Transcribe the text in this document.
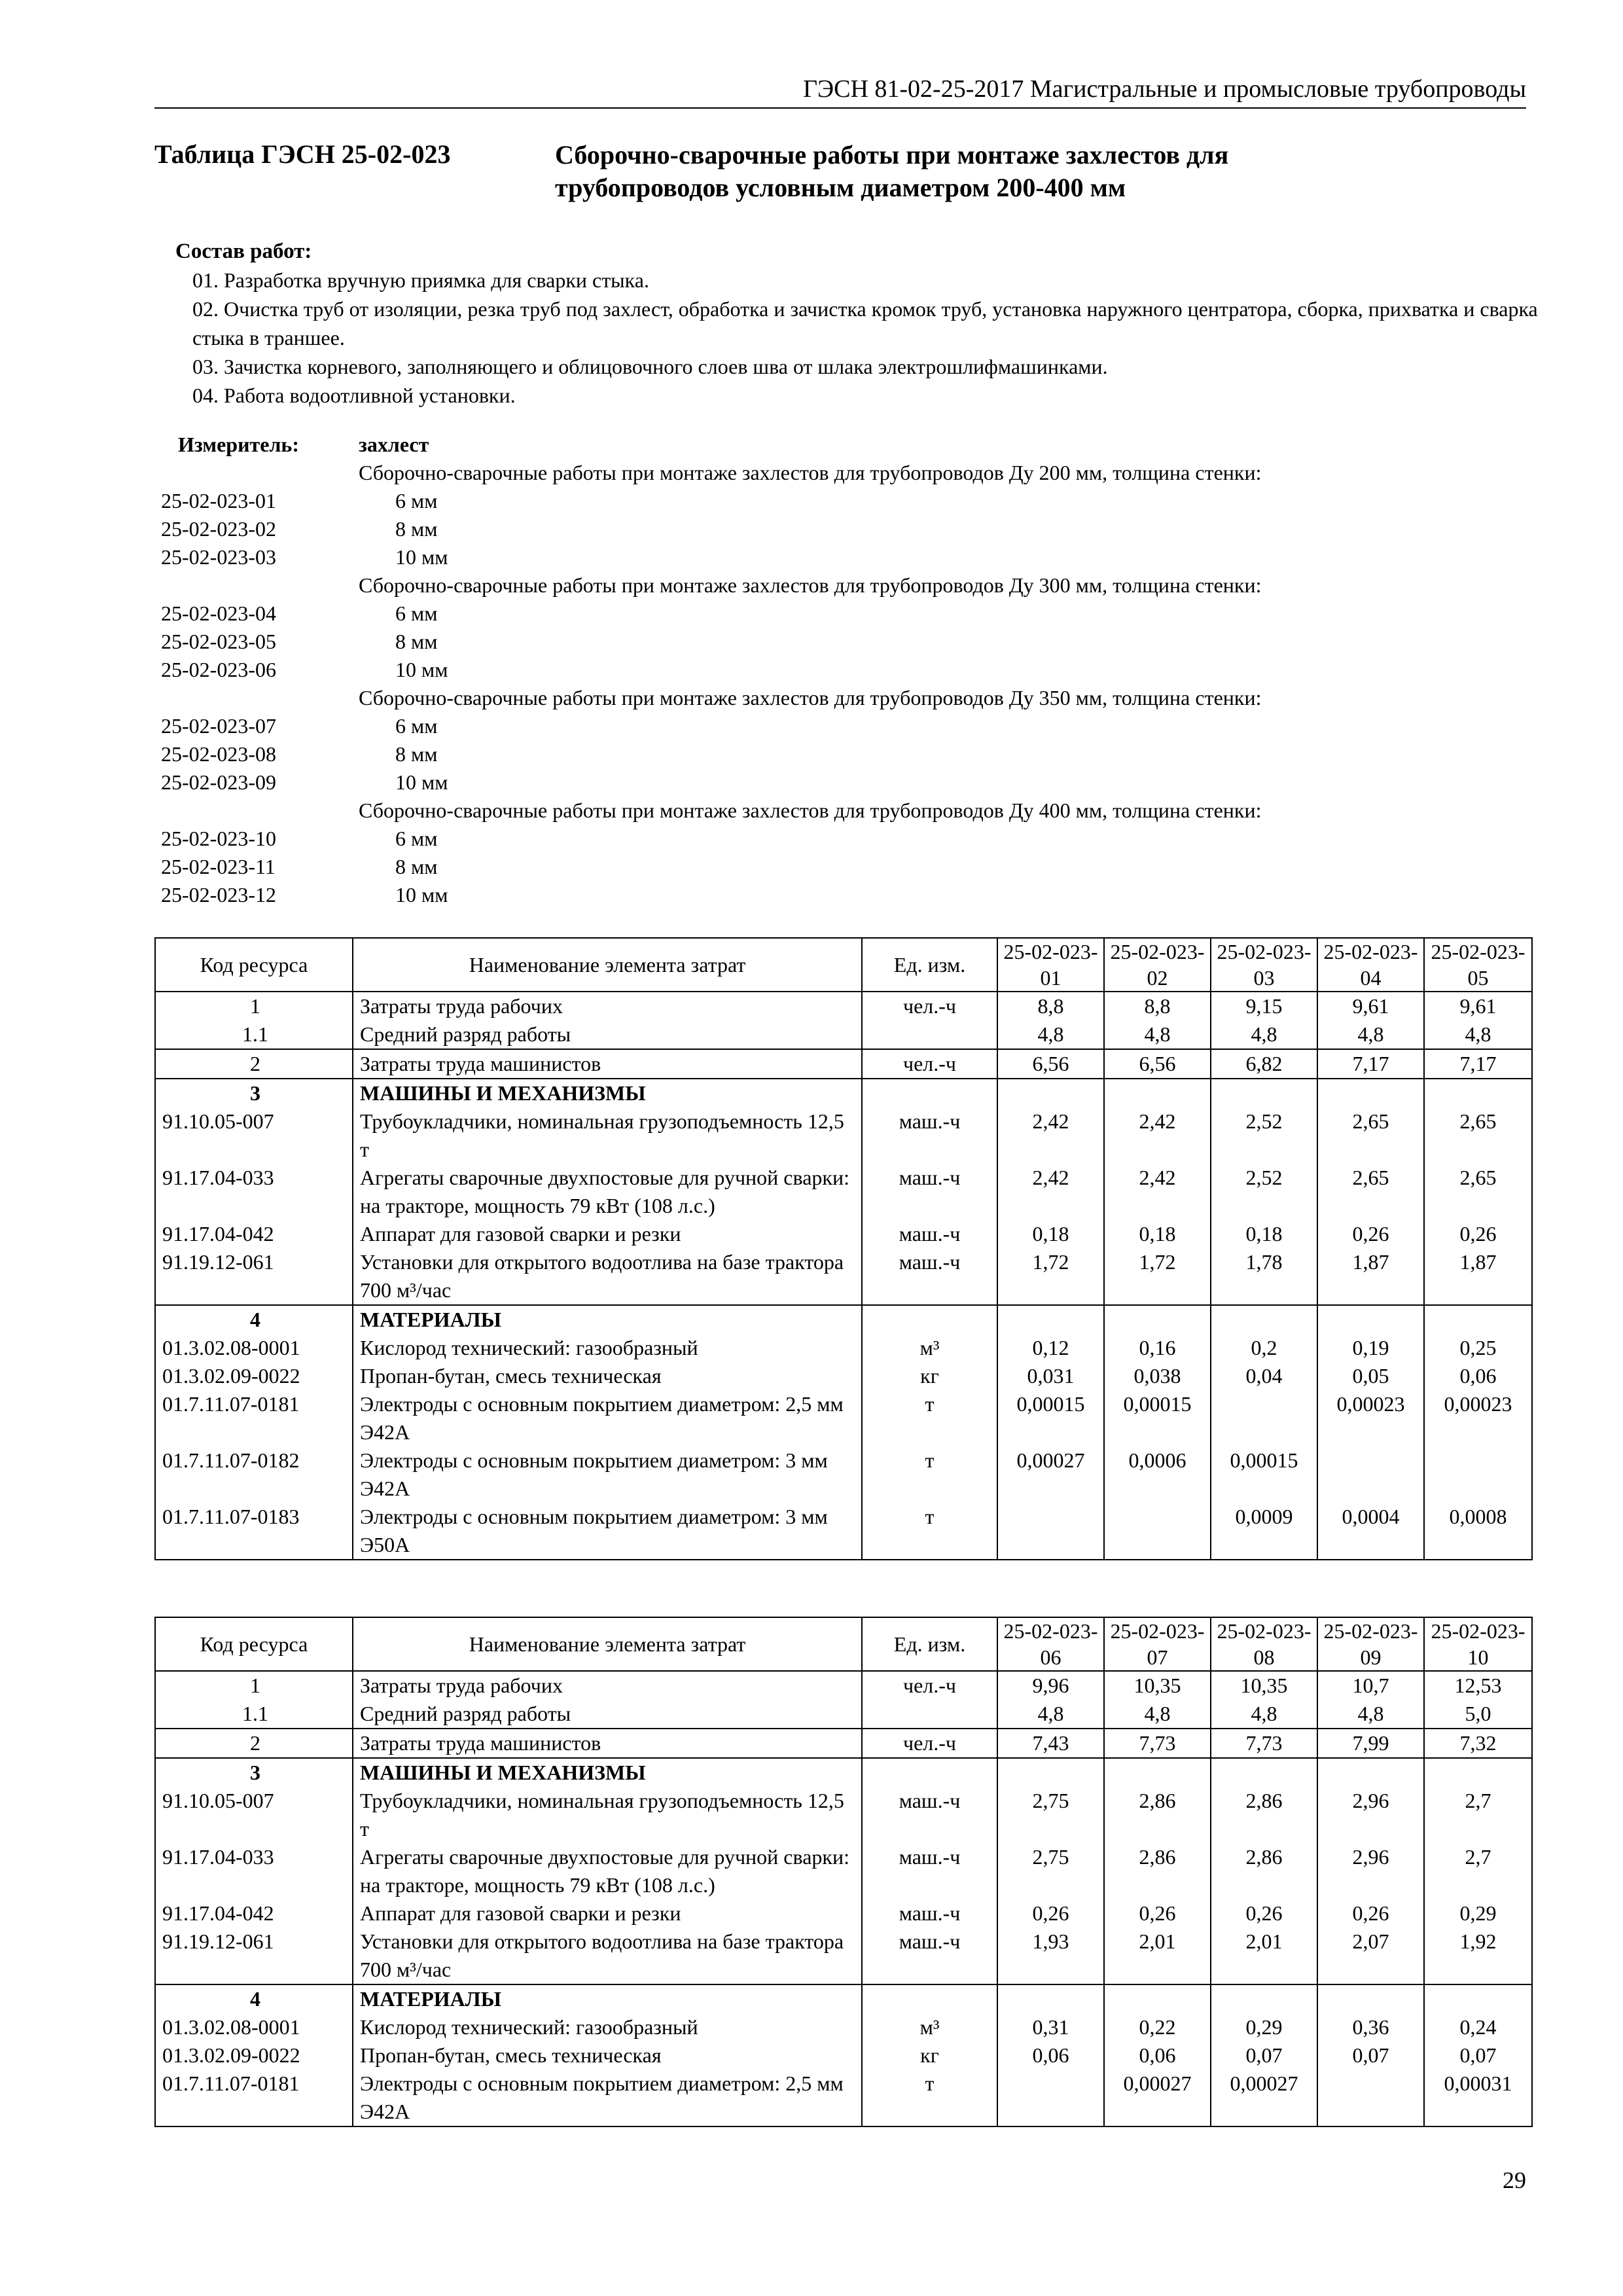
ГЭСН 81-02-25-2017 Магистральные и промысловые трубопроводы
Таблица ГЭСН 25-02-023	Сборочно-сварочные работы при монтаже захлестов для трубопроводов условным диаметром 200-400 мм
Состав работ:
01. Разработка вручную приямка для сварки стыка.
02. Очистка труб от изоляции, резка труб под захлест, обработка и зачистка кромок труб, установка наружного центратора, сборка, прихватка и сварка стыка в траншее.
03. Зачистка корневого, заполняющего и облицовочного слоев шва от шлака электрошлифмашинками.
04. Работа водоотливной установки.
Измеритель:	захлест
Сборочно-сварочные работы при монтаже захлестов для трубопроводов Ду 200 мм, толщина стенки:
25-02-023-01	6 мм
25-02-023-02	8 мм
25-02-023-03	10 мм
Сборочно-сварочные работы при монтаже захлестов для трубопроводов Ду 300 мм, толщина стенки:
25-02-023-04	6 мм
25-02-023-05	8 мм
25-02-023-06	10 мм
Сборочно-сварочные работы при монтаже захлестов для трубопроводов Ду 350 мм, толщина стенки:
25-02-023-07	6 мм
25-02-023-08	8 мм
25-02-023-09	10 мм
Сборочно-сварочные работы при монтаже захлестов для трубопроводов Ду 400 мм, толщина стенки:
25-02-023-10	6 мм
25-02-023-11	8 мм
25-02-023-12	10 мм
Код ресурса	Наименование элемента затрат	Ед. изм.	25-02-023-01	25-02-023-02	25-02-023-03	25-02-023-04	25-02-023-05
1	Затраты труда рабочих	чел.-ч	8,8	8,8	9,15	9,61	9,61
1.1	Средний разряд работы		4,8	4,8	4,8	4,8	4,8
2	Затраты труда машинистов	чел.-ч	6,56	6,56	6,82	7,17	7,17
3	МАШИНЫ И МЕХАНИЗМЫ						
91.10.05-007	Трубоукладчики, номинальная грузоподъемность 12,5 т	маш.-ч	2,42	2,42	2,52	2,65	2,65
91.17.04-033	Агрегаты сварочные двухпостовые для ручной сварки: на тракторе, мощность 79 кВт (108 л.с.)	маш.-ч	2,42	2,42	2,52	2,65	2,65
91.17.04-042	Аппарат для газовой сварки и резки	маш.-ч	0,18	0,18	0,18	0,26	0,26
91.19.12-061	Установки для открытого водоотлива на базе трактора 700 м³/час	маш.-ч	1,72	1,72	1,78	1,87	1,87
4	МАТЕРИАЛЫ						
01.3.02.08-0001	Кислород технический: газообразный	м³	0,12	0,16	0,2	0,19	0,25
01.3.02.09-0022	Пропан-бутан, смесь техническая	кг	0,031	0,038	0,04	0,05	0,06
01.7.11.07-0181	Электроды с основным покрытием диаметром: 2,5 мм Э42А	т	0,00015	0,00015		0,00023	0,00023
01.7.11.07-0182	Электроды с основным покрытием диаметром: 3 мм Э42А	т	0,00027	0,0006	0,00015		
01.7.11.07-0183	Электроды с основным покрытием диаметром: 3 мм Э50А	т			0,0009	0,0004	0,0008
Код ресурса	Наименование элемента затрат	Ед. изм.	25-02-023-06	25-02-023-07	25-02-023-08	25-02-023-09	25-02-023-10
1	Затраты труда рабочих	чел.-ч	9,96	10,35	10,35	10,7	12,53
1.1	Средний разряд работы		4,8	4,8	4,8	4,8	5,0
2	Затраты труда машинистов	чел.-ч	7,43	7,73	7,73	7,99	7,32
3	МАШИНЫ И МЕХАНИЗМЫ						
91.10.05-007	Трубоукладчики, номинальная грузоподъемность 12,5 т	маш.-ч	2,75	2,86	2,86	2,96	2,7
91.17.04-033	Агрегаты сварочные двухпостовые для ручной сварки: на тракторе, мощность 79 кВт (108 л.с.)	маш.-ч	2,75	2,86	2,86	2,96	2,7
91.17.04-042	Аппарат для газовой сварки и резки	маш.-ч	0,26	0,26	0,26	0,26	0,29
91.19.12-061	Установки для открытого водоотлива на базе трактора 700 м³/час	маш.-ч	1,93	2,01	2,01	2,07	1,92
4	МАТЕРИАЛЫ						
01.3.02.08-0001	Кислород технический: газообразный	м³	0,31	0,22	0,29	0,36	0,24
01.3.02.09-0022	Пропан-бутан, смесь техническая	кг	0,06	0,06	0,07	0,07	0,07
01.7.11.07-0181	Электроды с основным покрытием диаметром: 2,5 мм Э42А	т		0,00027	0,00027		0,00031
29
